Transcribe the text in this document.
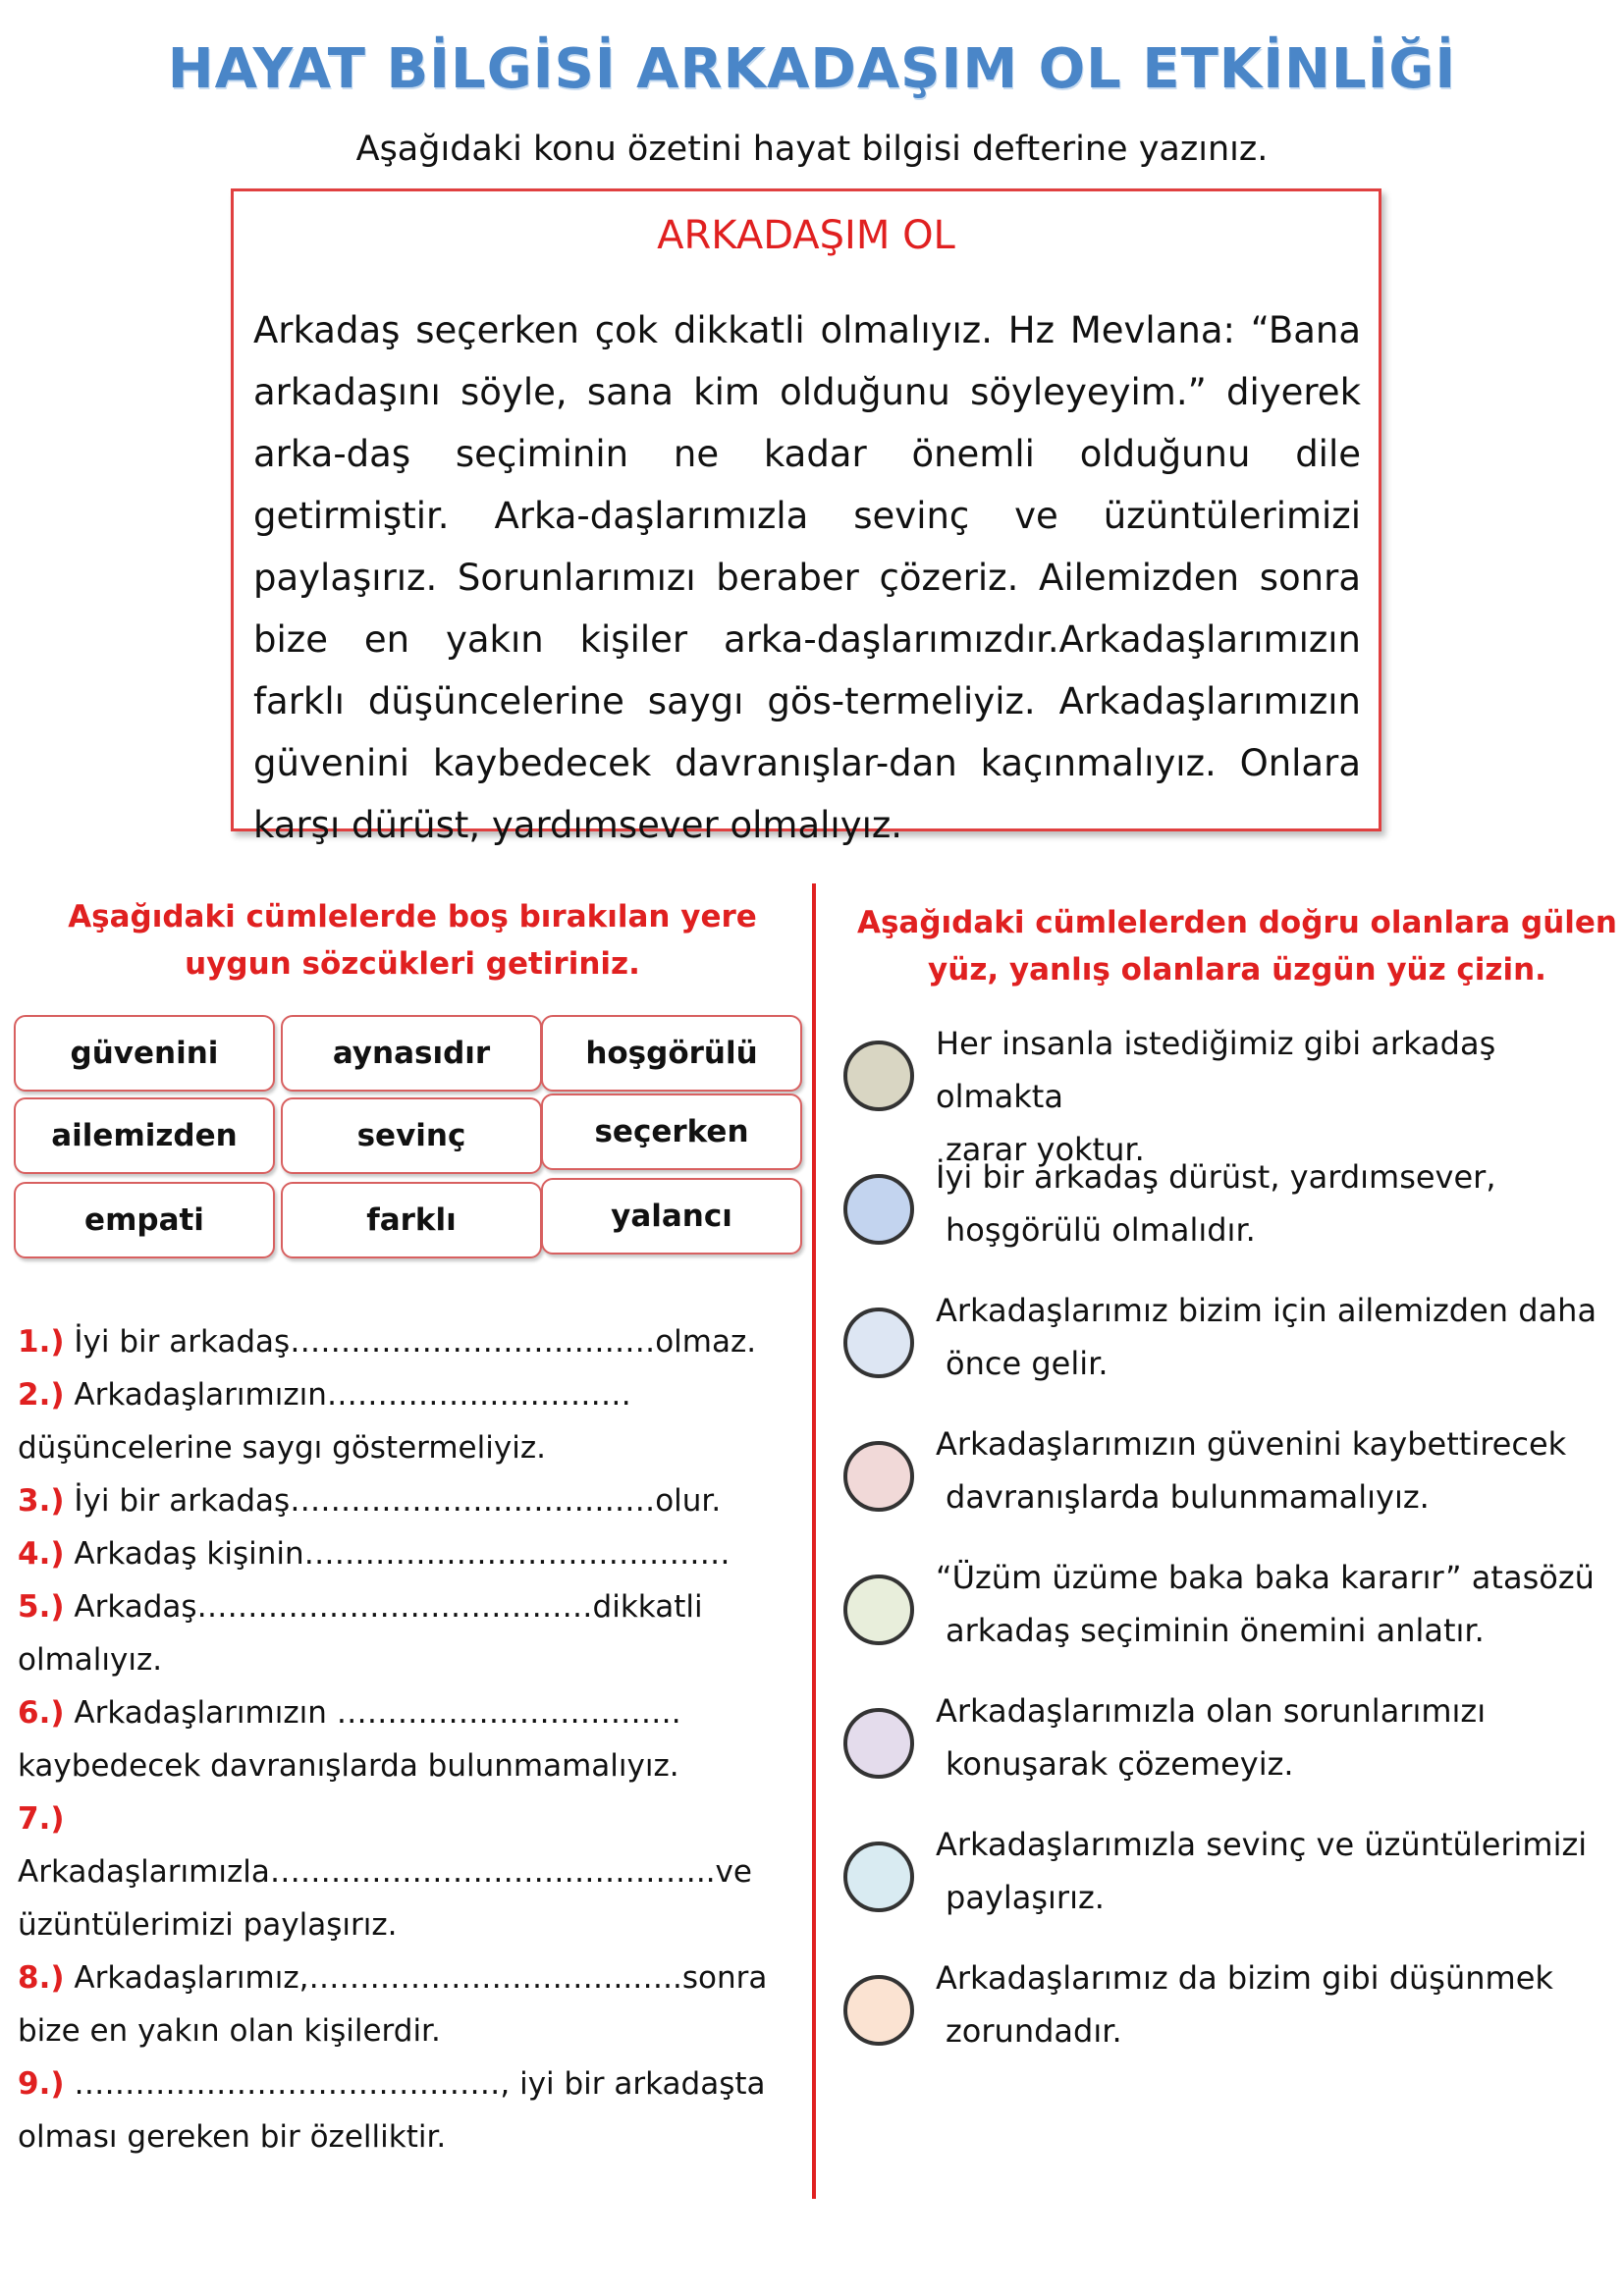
HAYAT BİLGİSİ ARKADAŞIM OL ETKİNLİĞİ
Aşağıdaki konu özetini hayat bilgisi defterine yazınız.
ARKADAŞIM OL
Arkadaş seçerken çok dikkatli olmalıyız. Hz Mevlana: “Bana arkadaşını söyle, sana kim olduğunu söyleyeyim.” diyerek arka-daş seçiminin ne kadar önemli olduğunu dile getirmiştir. Arka-daşlarımızla sevinç ve üzüntülerimizi paylaşırız. Sorunlarımızı beraber çözeriz. Ailemizden sonra bize en yakın kişiler arka-daşlarımızdır.Arkadaşlarımızın farklı düşüncelerine saygı gös-termeliyiz. Arkadaşlarımızın güvenini kaybedecek davranışlar-dan kaçınmalıyız. Onlara karşı dürüst, yardımsever olmalıyız.
Aşağıdaki cümlelerde boş bırakılan yere
uygun sözcükleri getiriniz.
güvenini	aynasıdır	hoşgörülü
ailemizden	sevinç	seçerken
empati	farklı	yalancı

1.) İyi bir arkadaş………………………………olmaz.

2.) Arkadaşlarımızın…………………………düşüncelerine saygı göstermeliyiz.

3.) İyi bir arkadaş………………………………olur.

4.) Arkadaş kişinin……………………………………

5.) Arkadaş…………………………………dikkatli olmalıyız.

6.) Arkadaşlarımızın ……………………………. kaybedecek davranışlarda bulunmamalıyız.

7.) Arkadaşlarımızla……………………………………..ve üzüntülerimizi paylaşırız.

8.) Arkadaşlarımız,…………………………..…..sonra bize en yakın olan kişilerdir.

9.) ……………………………………, iyi bir arkadaşta olması gereken bir özelliktir.

Aşağıdaki cümlelerden doğru olanlara gülen
yüz, yanlış olanlara üzgün yüz çizin.
Her insanla istediğimiz gibi arkadaş olmakta
zarar yoktur.
İyi bir arkadaş dürüst, yardımsever,
hoşgörülü olmalıdır.
Arkadaşlarımız bizim için ailemizden daha
önce gelir.
Arkadaşlarımızın güvenini kaybettirecek
davranışlarda bulunmamalıyız.
“Üzüm üzüme baka baka kararır” atasözü
arkadaş seçiminin önemini anlatır.
Arkadaşlarımızla olan sorunlarımızı
konuşarak çözemeyiz.
Arkadaşlarımızla sevinç ve üzüntülerimizi
paylaşırız.
Arkadaşlarımız da bizim gibi düşünmek
zorundadır.
